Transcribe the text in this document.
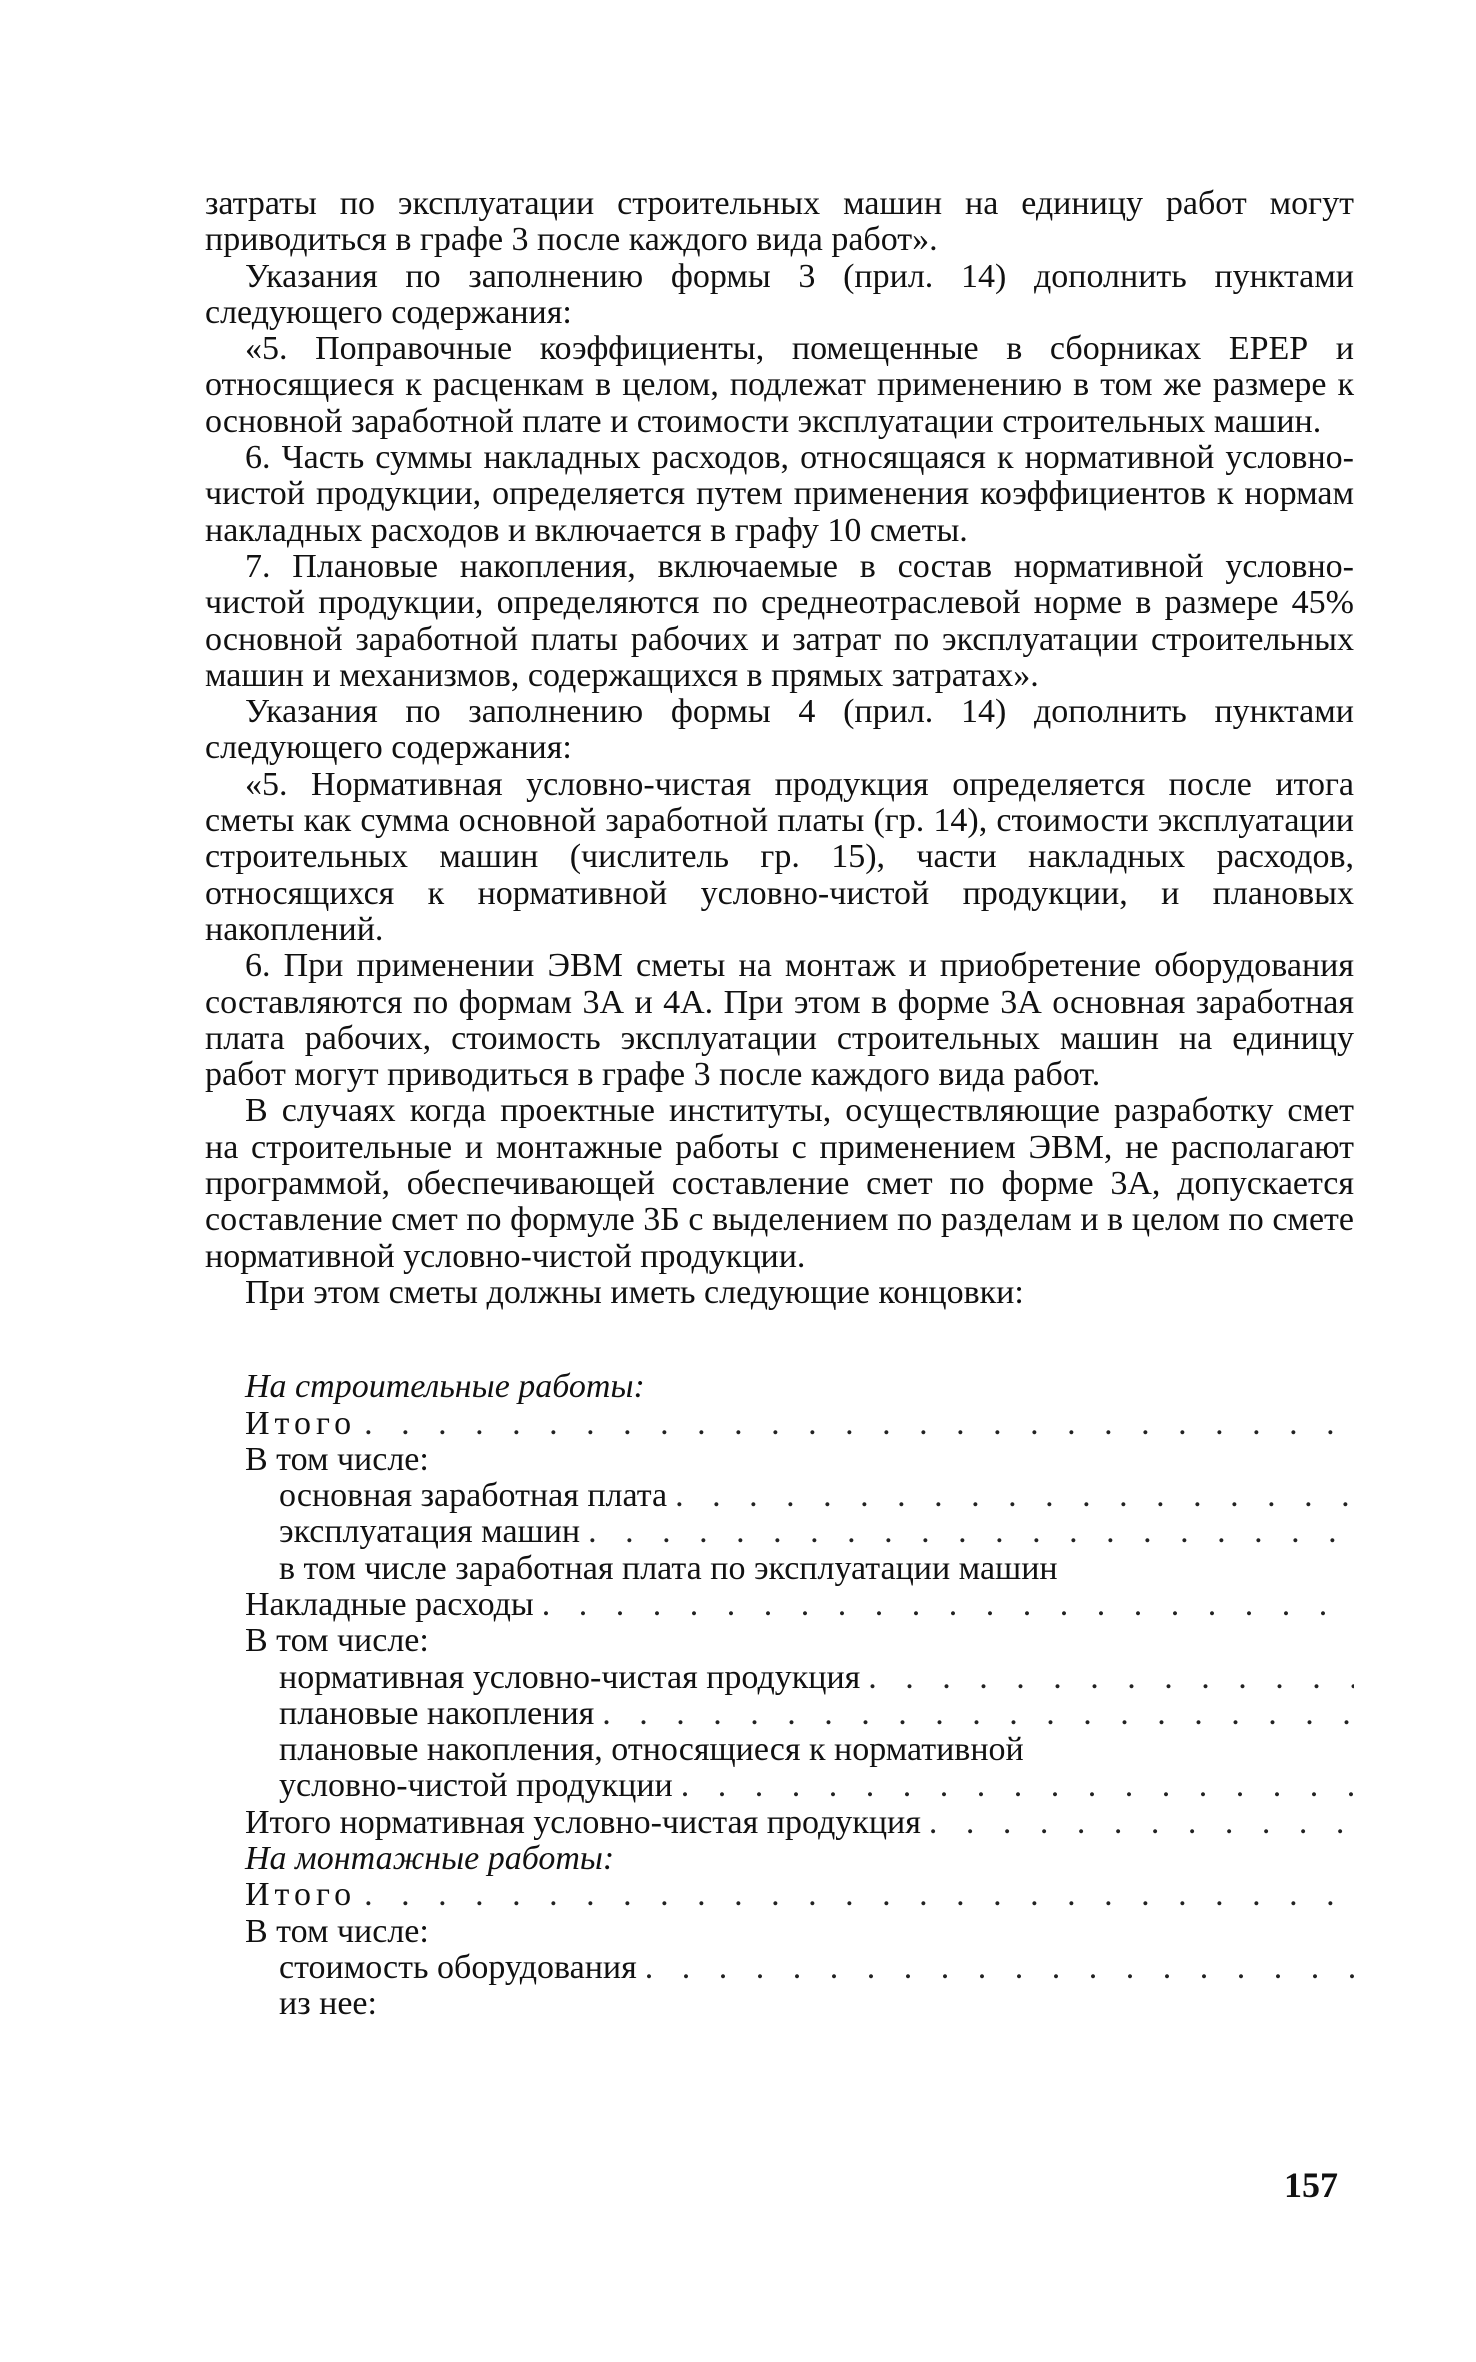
затраты по эксплуатации строительных машин на единицу работ могут приводиться в графе 3 после каждого вида работ».

Указания по заполнению формы 3 (прил. 14) дополнить пунктами следующего содержания:

«5. Поправочные коэффициенты, помещенные в сборниках ЕРЕР и относящиеся к расценкам в целом, подлежат применению в том же размере к основной заработной плате и стоимости эксплуатации строительных машин.

6. Часть суммы накладных расходов, относящаяся к нормативной условно-чистой продукции, определяется путем применения коэффициентов к нормам накладных расходов и включается в графу 10 сметы.

7. Плановые накопления, включаемые в состав нормативной условно-чистой продукции, определяются по среднеотраслевой норме в размере 45% основной заработной платы рабочих и затрат по эксплуатации строительных машин и механизмов, содержащихся в прямых затратах».

Указания по заполнению формы 4 (прил. 14) дополнить пунктами следующего содержания:

«5. Нормативная условно-чистая продукция определяется после итога сметы как сумма основной заработной платы (гр. 14), стоимости эксплуатации строительных машин (числитель гр. 15), части накладных расходов, относящихся к нормативной условно-чистой продукции, и плановых накоплений.

6. При применении ЭВМ сметы на монтаж и приобретение оборудования составляются по формам 3А и 4А. При этом в форме 3А основная заработная плата рабочих, стоимость эксплуатации строительных машин на единицу работ могут приводиться в графе 3 после каждого вида работ.

В случаях когда проектные институты, осуществляющие разработку смет на строительные и монтажные работы с применением ЭВМ, не располагают программой, обеспечивающей составление смет по форме 3А, допускается составление смет по формуле 3Б с выделением по разделам и в целом по смете нормативной условно-чистой продукции.

При этом сметы должны иметь следующие концовки:

На строительные работы:
Итого
. . .
В том числе:
основная заработная плата
. . .
эксплуатация машин
. . .
в том числе заработная плата по эксплуатации машин
Накладные расходы
. . .
В том числе:
нормативная условно-чистая продукция
. . .
плановые накопления
. . .
плановые накопления, относящиеся к нормативной
условно-чистой продукции
. . .
Итого нормативная условно-чистая продукция
. . .
На монтажные работы:
Итого
. . .
В том числе:
стоимость оборудования
. . .
из нее:
157
